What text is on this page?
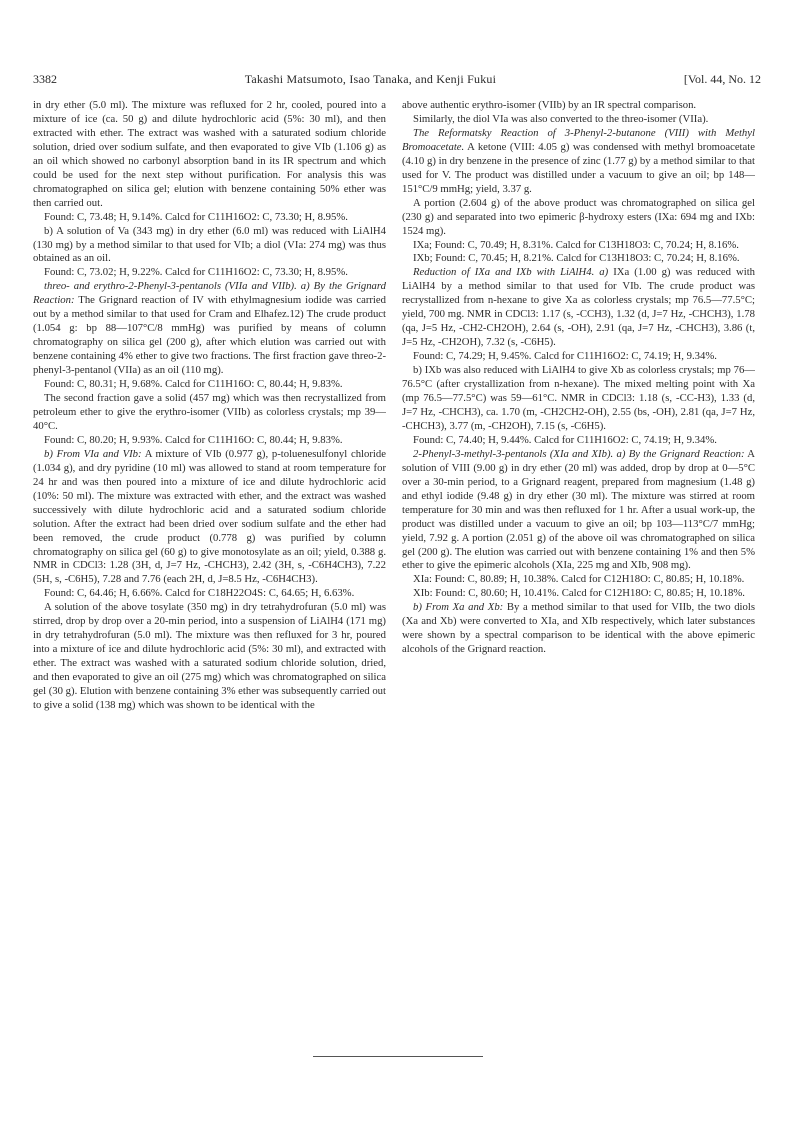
3382	Takashi Matsumoto, Isao Tanaka, and Kenji Fukui	[Vol. 44, No. 12

in dry ether (5.0 ml). The mixture was refluxed for 2 hr, cooled, poured into a mixture of ice (ca. 50 g) and dilute hydrochloric acid (5%: 30 ml), and then extracted with ether. The extract was washed with a saturated sodium chloride solution, dried over sodium sulfate, and then evaporated to give VIb (1.106 g) as an oil which showed no carbonyl absorption band in its IR spectrum and which could be used for the next step without purification. For analysis this was chromatographed on silica gel; elution with benzene containing 50% ether was then carried out.

Found: C, 73.48; H, 9.14%. Calcd for C11H16O2: C, 73.30; H, 8.95%.

b) A solution of Va (343 mg) in dry ether (6.0 ml) was reduced with LiAlH4 (130 mg) by a method similar to that used for VIb; a diol (VIa: 274 mg) was thus obtained as an oil.

Found: C, 73.02; H, 9.22%. Calcd for C11H16O2: C, 73.30; H, 8.95%.

threo- and erythro-2-Phenyl-3-pentanols (VIIa and VIIb). a) By the Grignard Reaction: The Grignard reaction of IV with ethylmagnesium iodide was carried out by a method similar to that used for Cram and Elhafez.12) The crude product (1.054 g: bp 88—107°C/8 mmHg) was purified by means of column chromatography on silica gel (200 g), after which elution was carried out with benzene containing 4% ether to give two fractions. The first fraction gave threo-2-phenyl-3-pentanol (VIIa) as an oil (110 mg).

Found: C, 80.31; H, 9.68%. Calcd for C11H16O: C, 80.44; H, 9.83%.

The second fraction gave a solid (457 mg) which was then recrystallized from petroleum ether to give the erythro-isomer (VIIb) as colorless crystals; mp 39—40°C.

Found: C, 80.20; H, 9.93%. Calcd for C11H16O: C, 80.44; H, 9.83%.

b) From VIa and VIb: A mixture of VIb (0.977 g), p-toluenesulfonyl chloride (1.034 g), and dry pyridine (10 ml) was allowed to stand at room temperature for 24 hr and was then poured into a mixture of ice and dilute hydrochloric acid (10%: 50 ml). The mixture was extracted with ether, and the extract was washed successively with dilute hydrochloric acid and a saturated sodium chloride solution. After the extract had been dried over sodium sulfate and the ether had been removed, the crude product (0.778 g) was purified by column chromatography on silica gel (60 g) to give monotosylate as an oil; yield, 0.388 g. NMR in CDCl3: 1.28 (3H, d, J=7 Hz, -CHCH3), 2.42 (3H, s, -C6H4CH3), 7.22 (5H, s, -C6H5), 7.28 and 7.76 (each 2H, d, J=8.5 Hz, -C6H4CH3).

Found: C, 64.46; H, 6.66%. Calcd for C18H22O4S: C, 64.65; H, 6.63%.

A solution of the above tosylate (350 mg) in dry tetrahydrofuran (5.0 ml) was stirred, drop by drop over a 20-min period, into a suspension of LiAlH4 (171 mg) in dry tetrahydrofuran (5.0 ml). The mixture was then refluxed for 3 hr, poured into a mixture of ice and dilute hydrochloric acid (5%: 30 ml), and extracted with ether. The extract was washed with a saturated sodium chloride solution, dried, and then evaporated to give an oil (275 mg) which was chromatographed on silica gel (30 g). Elution with benzene containing 3% ether was subsequently carried out to give a solid (138 mg) which was shown to be identical with the

above authentic erythro-isomer (VIIb) by an IR spectral comparison.

Similarly, the diol VIa was also converted to the threo-isomer (VIIa).

The Reformatsky Reaction of 3-Phenyl-2-butanone (VIII) with Methyl Bromoacetate. A ketone (VIII: 4.05 g) was condensed with methyl bromoacetate (4.10 g) in dry benzene in the presence of zinc (1.77 g) by a method similar to that used for V. The product was distilled under a vacuum to give an oil; bp 148—151°C/9 mmHg; yield, 3.37 g.

A portion (2.604 g) of the above product was chromatographed on silica gel (230 g) and separated into two epimeric β-hydroxy esters (IXa: 694 mg and IXb: 1524 mg).

IXa; Found: C, 70.49; H, 8.31%. Calcd for C13H18O3: C, 70.24; H, 8.16%.

IXb; Found: C, 70.45; H, 8.21%. Calcd for C13H18O3: C, 70.24; H, 8.16%.

Reduction of IXa and IXb with LiAlH4. a) IXa (1.00 g) was reduced with LiAlH4 by a method similar to that used for VIb. The crude product was recrystallized from n-hexane to give Xa as colorless crystals; mp 76.5—77.5°C; yield, 700 mg. NMR in CDCl3: 1.17 (s, -CCH3), 1.32 (d, J=7 Hz, -CHCH3), 1.78 (qa, J=5 Hz, -CH2-CH2OH), 2.64 (s, -OH), 2.91 (qa, J=7 Hz, -CHCH3), 3.86 (t, J=5 Hz, -CH2OH), 7.32 (s, -C6H5).

Found: C, 74.29; H, 9.45%. Calcd for C11H16O2: C, 74.19; H, 9.34%.

b) IXb was also reduced with LiAlH4 to give Xb as colorless crystals; mp 76—76.5°C (after crystallization from n-hexane). The mixed melting point with Xa (mp 76.5—77.5°C) was 59—61°C. NMR in CDCl3: 1.18 (s, -CC-H3), 1.33 (d, J=7 Hz, -CHCH3), ca. 1.70 (m, -CH2CH2-OH), 2.55 (bs, -OH), 2.81 (qa, J=7 Hz, -CHCH3), 3.77 (m, -CH2OH), 7.15 (s, -C6H5).

Found: C, 74.40; H, 9.44%. Calcd for C11H16O2: C, 74.19; H, 9.34%.

2-Phenyl-3-methyl-3-pentanols (XIa and XIb). a) By the Grignard Reaction: A solution of VIII (9.00 g) in dry ether (20 ml) was added, drop by drop at 0—5°C over a 30-min period, to a Grignard reagent, prepared from magnesium (1.48 g) and ethyl iodide (9.48 g) in dry ether (30 ml). The mixture was stirred at room temperature for 30 min and was then refluxed for 1 hr. After a usual work-up, the product was distilled under a vacuum to give an oil; bp 103—113°C/7 mmHg; yield, 7.92 g. A portion (2.051 g) of the above oil was chromatographed on silica gel (200 g). The elution was carried out with benzene containing 1% and then 5% ether to give the epimeric alcohols (XIa, 225 mg and XIb, 908 mg).

XIa: Found: C, 80.89; H, 10.38%. Calcd for C12H18O: C, 80.85; H, 10.18%.

XIb: Found: C, 80.60; H, 10.41%. Calcd for C12H18O: C, 80.85; H, 10.18%.

b) From Xa and Xb: By a method similar to that used for VIIb, the two diols (Xa and Xb) were converted to XIa, and XIb respectively, which later substances were shown by a spectral comparison to be identical with the above epimeric alcohols of the Grignard reaction.
